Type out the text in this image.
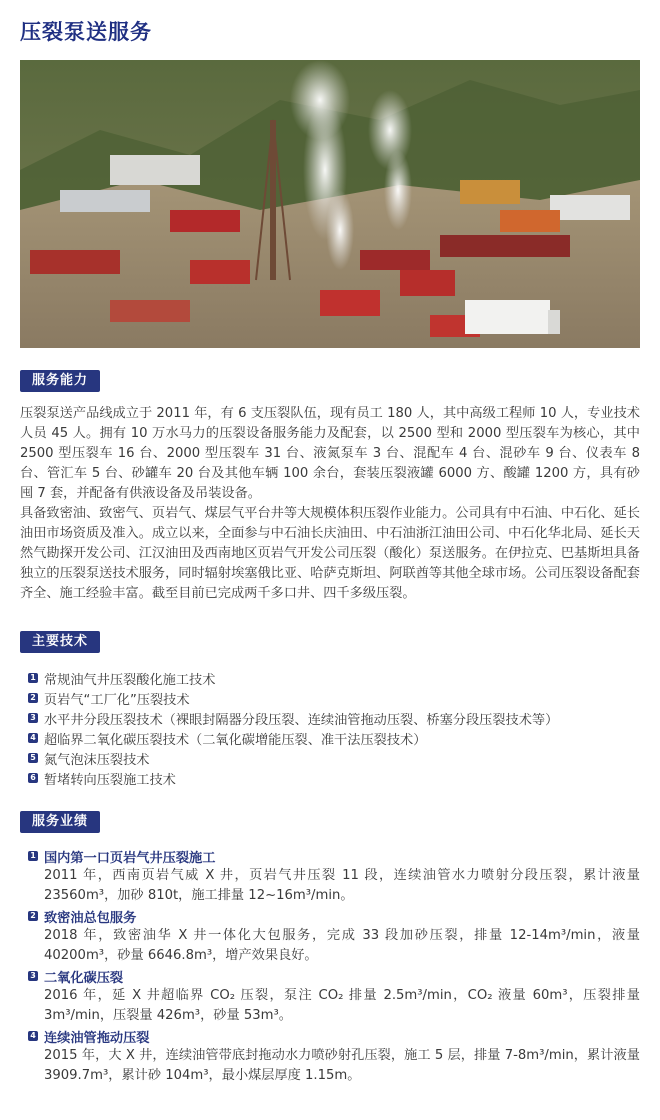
压裂泵送服务
服务能力

压裂泵送产品线成立于 2011 年，有 6 支压裂队伍，现有员工 180 人，其中高级工程师 10 人，专业技术人员 45 人。拥有 10 万水马力的压裂设备服务能力及配套，以 2500 型和 2000 型压裂车为核心，其中 2500 型压裂车 16 台、2000 型压裂车 31 台、液氮泵车 3 台、混配车 4 台、混砂车 9 台、仪表车 8 台、管汇车 5 台、砂罐车 20 台及其他车辆 100 余台，套装压裂液罐 6000 方、酸罐 1200 方，具有砂囤 7 套，并配备有供液设备及吊装设备。

具备致密油、致密气、页岩气、煤层气平台井等大规模体积压裂作业能力。公司具有中石油、中石化、延长油田市场资质及准入。成立以来，全面参与中石油长庆油田、中石油浙江油田公司、中石化华北局、延长天然气勘探开发公司、江汉油田及西南地区页岩气开发公司压裂（酸化）泵送服务。在伊拉克、巴基斯坦具备独立的压裂泵送技术服务，同时辐射埃塞俄比亚、哈萨克斯坦、阿联酋等其他全球市场。公司压裂设备配套齐全、施工经验丰富。截至目前已完成两千多口井、四千多级压裂。

主要技术
1 常规油气井压裂酸化施工技术
2 页岩气“工厂化”压裂技术
3 水平井分段压裂技术（裸眼封隔器分段压裂、连续油管拖动压裂、桥塞分段压裂技术等）
4 超临界二氧化碳压裂技术（二氧化碳增能压裂、准干法压裂技术）
5 氮气泡沫压裂技术
6 暂堵转向压裂施工技术
服务业绩
1 国内第一口页岩气井压裂施工
2011 年，西南页岩气威 X 井，页岩气井压裂 11 段，连续油管水力喷射分段压裂，累计液量 23560m³，加砂 810t，施工排量 12~16m³/min。
2 致密油总包服务
2018 年，致密油华 X 井一体化大包服务，完成 33 段加砂压裂，排量 12-14m³/min，液量 40200m³，砂量 6646.8m³，增产效果良好。
3 二氧化碳压裂
2016 年，延 X 井超临界 CO₂ 压裂，泵注 CO₂ 排量 2.5m³/min，CO₂ 液量 60m³，压裂排量 3m³/min，压裂量 426m³，砂量 53m³。
4 连续油管拖动压裂
2015 年，大 X 井，连续油管带底封拖动水力喷砂射孔压裂，施工 5 层，排量 7-8m³/min，累计液量 3909.7m³，累计砂 104m³，最小煤层厚度 1.15m。
